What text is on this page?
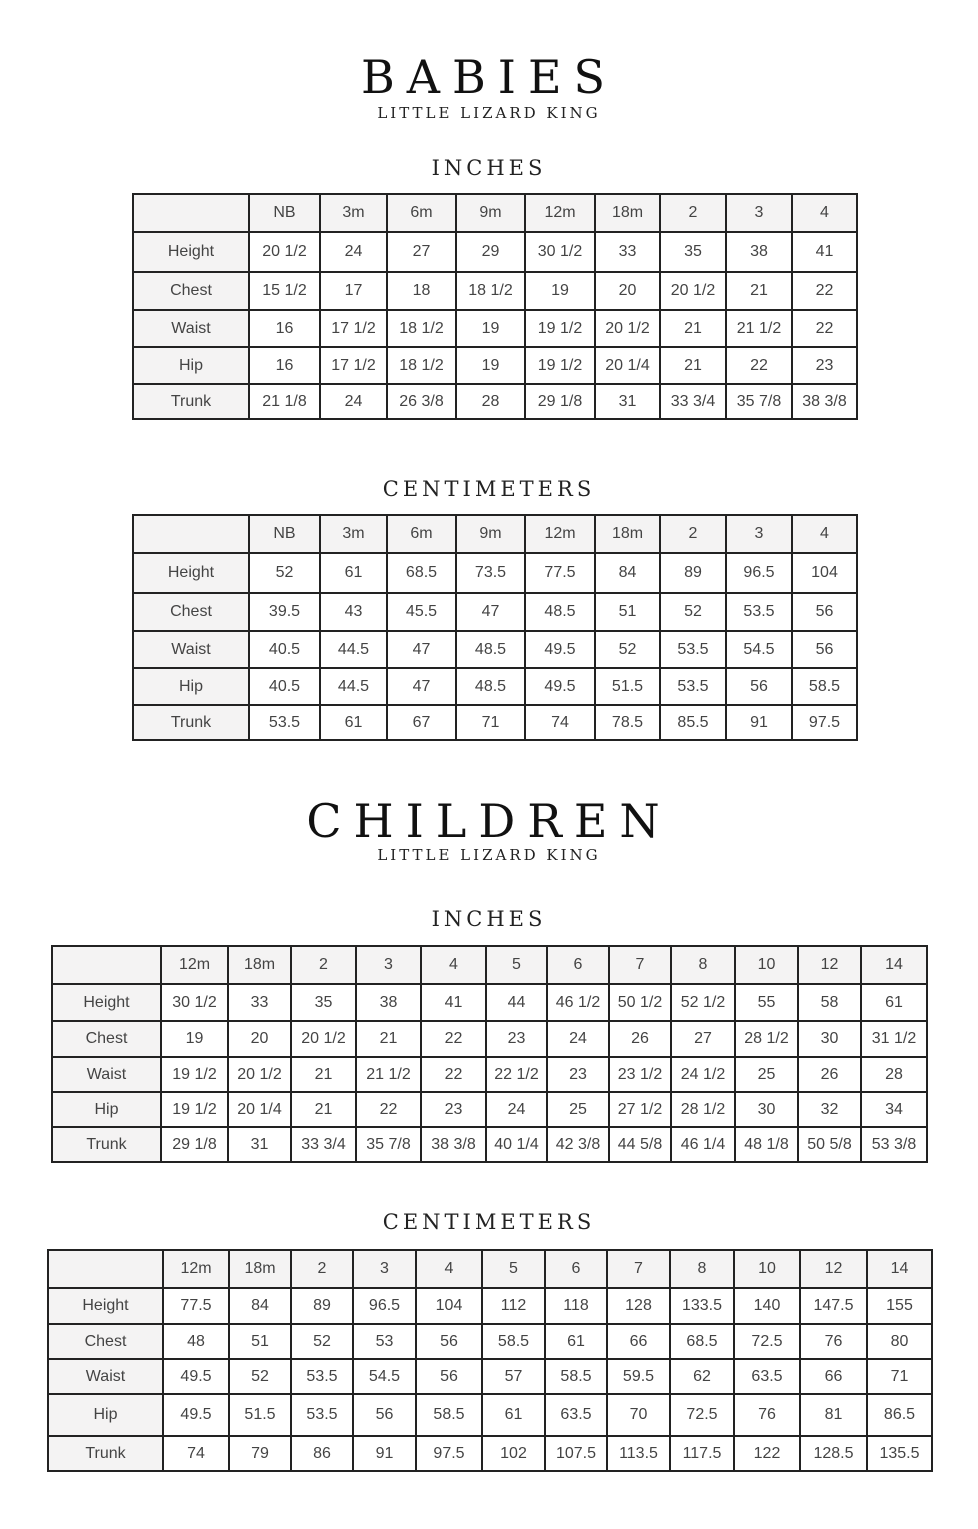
BABIES
LITTLE LIZARD KING
INCHES
	NB	3m	6m	9m	12m	18m	2	3	4
Height	20 1/2	24	27	29	30 1/2	33	35	38	41
Chest	15 1/2	17	18	18 1/2	19	20	20 1/2	21	22
Waist	16	17 1/2	18 1/2	19	19 1/2	20 1/2	21	21 1/2	22
Hip	16	17 1/2	18 1/2	19	19 1/2	20 1/4	21	22	23
Trunk	21 1/8	24	26 3/8	28	29 1/8	31	33 3/4	35 7/8	38 3/8
CENTIMETERS
	NB	3m	6m	9m	12m	18m	2	3	4
Height	52	61	68.5	73.5	77.5	84	89	96.5	104
Chest	39.5	43	45.5	47	48.5	51	52	53.5	56
Waist	40.5	44.5	47	48.5	49.5	52	53.5	54.5	56
Hip	40.5	44.5	47	48.5	49.5	51.5	53.5	56	58.5
Trunk	53.5	61	67	71	74	78.5	85.5	91	97.5
CHILDREN
LITTLE LIZARD KING
INCHES
	12m	18m	2	3	4	5	6	7	8	10	12	14
Height	30 1/2	33	35	38	41	44	46 1/2	50 1/2	52 1/2	55	58	61
Chest	19	20	20 1/2	21	22	23	24	26	27	28 1/2	30	31 1/2
Waist	19 1/2	20 1/2	21	21 1/2	22	22 1/2	23	23 1/2	24 1/2	25	26	28
Hip	19 1/2	20 1/4	21	22	23	24	25	27 1/2	28 1/2	30	32	34
Trunk	29 1/8	31	33 3/4	35 7/8	38 3/8	40 1/4	42 3/8	44 5/8	46 1/4	48 1/8	50 5/8	53 3/8
CENTIMETERS
	12m	18m	2	3	4	5	6	7	8	10	12	14
Height	77.5	84	89	96.5	104	112	118	128	133.5	140	147.5	155
Chest	48	51	52	53	56	58.5	61	66	68.5	72.5	76	80
Waist	49.5	52	53.5	54.5	56	57	58.5	59.5	62	63.5	66	71
Hip	49.5	51.5	53.5	56	58.5	61	63.5	70	72.5	76	81	86.5
Trunk	74	79	86	91	97.5	102	107.5	113.5	117.5	122	128.5	135.5
